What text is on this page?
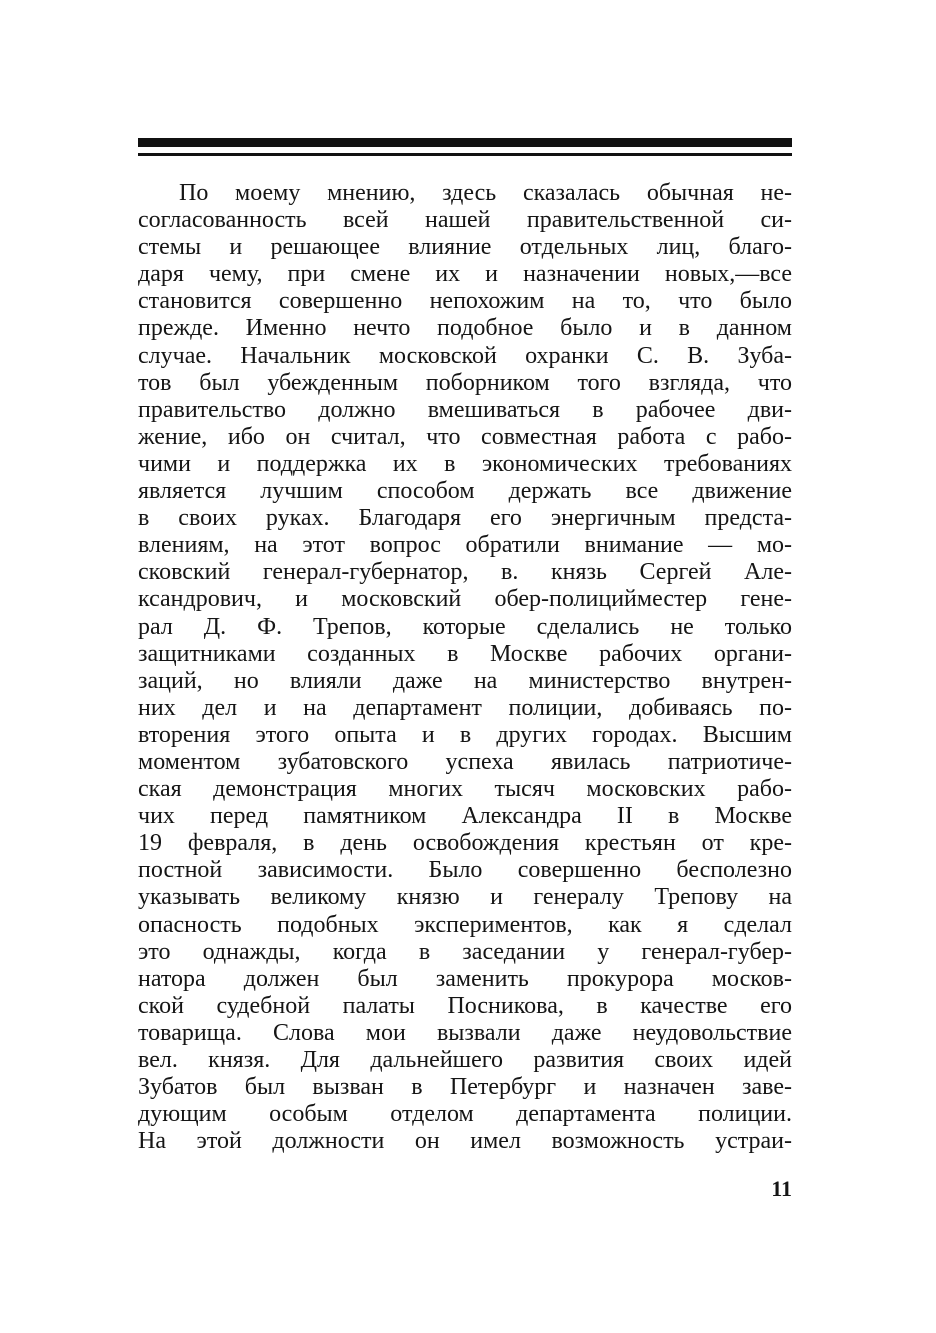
По моему мнению, здесь сказалась обычная не-
согласованность всей нашей правительственной си-
стемы и решающее влияние отдельных лиц, благо-
даря чему, при смене их и назначении новых,—все
становится совершенно непохожим на то, что было
прежде. Именно нечто подобное было и в данном
случае. Начальник московской охранки С. В. Зуба-
тов был убежденным поборником того взгляда, что
правительство должно вмешиваться в рабочее дви-
жение, ибо он считал, что совместная работа с рабо-
чими и поддержка их в экономических требованиях
является лучшим способом держать все движение
в своих руках. Благодаря его энергичным предста-
влениям, на этот вопрос обратили внимание — мо-
сковский генерал-губернатор, в. князь Сергей Але-
ксандрович, и московский обер-полицийместер гене-
рал Д. Ф. Трепов, которые сделались не только
защитниками созданных в Москве рабочих органи-
заций, но влияли даже на министерство внутрен-
них дел и на департамент полиции, добиваясь по-
вторения этого опыта и в других городах. Высшим
моментом зубатовского успеха явилась патриотиче-
ская демонстрация многих тысяч московских рабо-
чих перед памятником Александра II в Москве
19 февраля, в день освобождения крестьян от кре-
постной зависимости. Было совершенно бесполезно
указывать великому князю и генералу Трепову на
опасность подобных экспериментов, как я сделал
это однажды, когда в заседании у генерал-губер-
натора должен был заменить прокурора москов-
ской судебной палаты Посникова, в качестве его
товарища. Слова мои вызвали даже неудовольствие
вел. князя. Для дальнейшего развития своих идей
Зубатов был вызван в Петербург и назначен заве-
дующим особым отделом департамента полиции.
На этой должности он имел возможность устраи-
11
